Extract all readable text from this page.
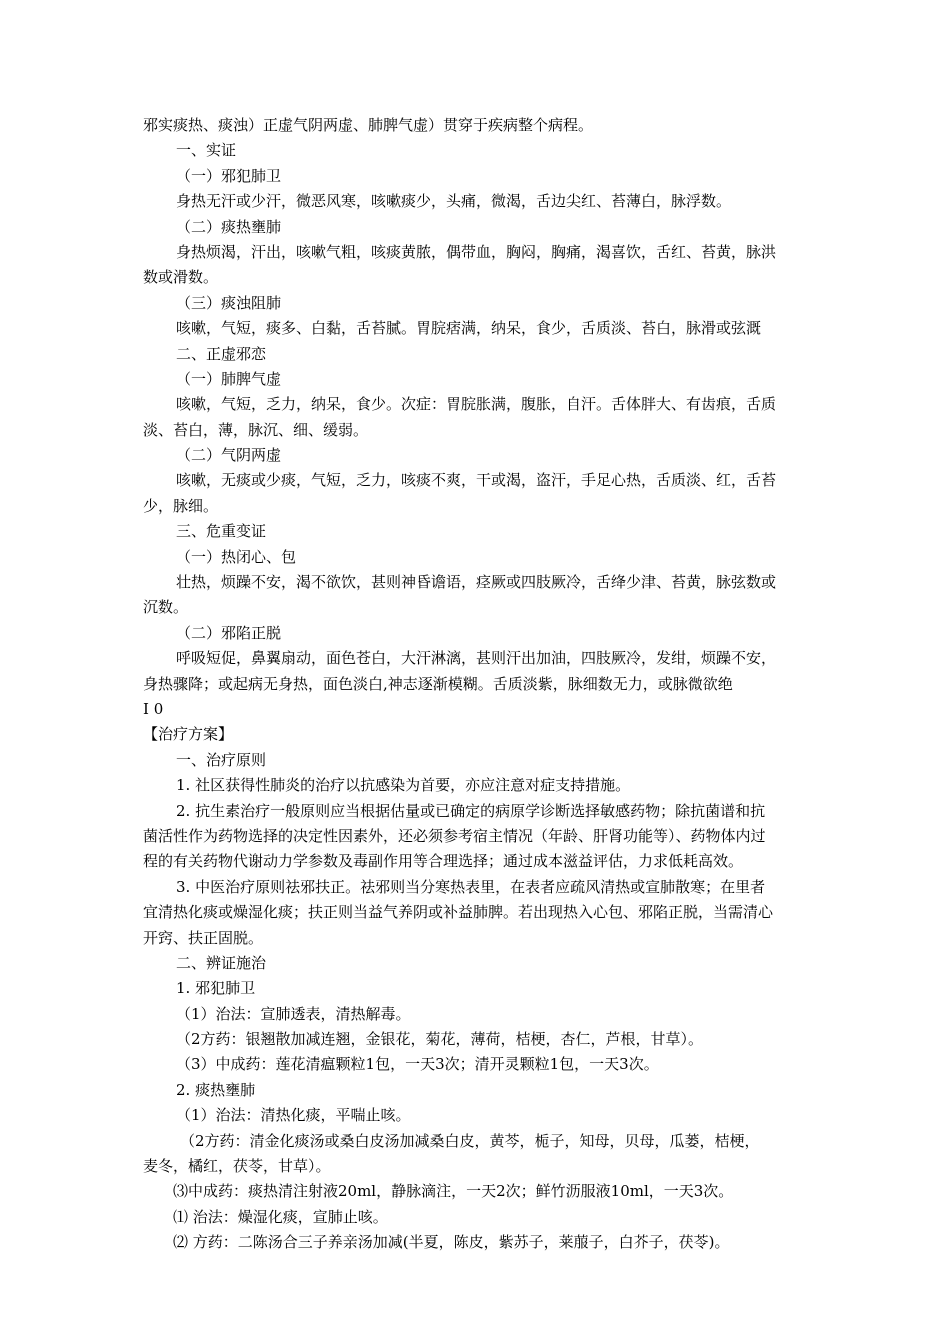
邪实痰热、痰浊）正虚气阴两虚、肺脾气虚）贯穿于疾病整个病程。
一、实证
（一）邪犯肺卫
身热无汗或少汗，微恶风寒，咳嗽痰少，头痛，微渴，舌边尖红、苔薄白，脉浮数。
（二）痰热壅肺
身热烦渴，汗出，咳嗽气粗，咳痰黄脓，偶带血，胸闷，胸痛，渴喜饮，舌红、苔黄，脉洪
数或滑数。
（三）痰浊阻肺
咳嗽，气短，痰多、白黏，舌苔腻。胃脘痞满，纳呆，食少，舌质淡、苔白，脉滑或弦溉
二、正虚邪恋
（一）肺脾气虚
咳嗽，气短，乏力，纳呆，食少。次症：胃脘胀满，腹胀，自汗。舌体胖大、有齿痕，舌质
淡、苔白，薄，脉沉、细、缓弱。
（二）气阴两虚
咳嗽，无痰或少痰，气短，乏力，咳痰不爽，干或渴，盗汗，手足心热，舌质淡、红，舌苔
少，脉细。
三、危重变证
（一）热闭心、包
壮热，烦躁不安，渴不欲饮，甚则神昏谵语，痉厥或四肢厥冷，舌绛少津、苔黄，脉弦数或
沉数。
（二）邪陷正脱
呼吸短促，鼻翼扇动，面色苍白，大汗淋漓，甚则汗出加油，四肢厥冷，发绀，烦躁不安，
身热骤降；或起病无身热，面色淡白,神志逐渐模糊。舌质淡紫，脉细数无力，或脉微欲绝
I 0
【治疗方案】
一、治疗原则
1. 社区获得性肺炎的治疗以抗感染为首要，亦应注意对症支持措施。
2. 抗生素治疗一般原则应当根据估量或已确定的病原学诊断选择敏感药物；除抗菌谱和抗
菌活性作为药物选择的决定性因素外，还必须参考宿主情况（年龄、肝肾功能等）、药物体内过
程的有关药物代谢动力学参数及毒副作用等合理选择；通过成本滋益评估，力求低耗高效。
3. 中医治疗原则祛邪扶正。祛邪则当分寒热表里，在表者应疏风清热或宣肺散寒；在里者
宜清热化痰或燥湿化痰；扶正则当益气养阴或补益肺脾。若出现热入心包、邪陷正脱，当需清心
开窍、扶正固脱。
二、辨证施治
1. 邪犯肺卫
（1）治法：宣肺透表，清热解毒。
（2方药：银翘散加减连翘，金银花，菊花，薄荷，桔梗，杏仁，芦根，甘草）。
（3）中成药：莲花清瘟颗粒1包，一天3次；清开灵颗粒1包，一天3次。
2. 痰热壅肺
（1）治法：清热化痰，平喘止咳。
（2方药：清金化痰汤或桑白皮汤加减桑白皮，黄芩，栀子，知母，贝母，瓜蒌，桔梗，
麦冬，橘红，茯苓，甘草）。
⑶中成药：痰热清注射液20ml，静脉滴注，一天2次；鲜竹沥服液10ml，一天3次。
⑴ 治法：燥湿化痰，宣肺止咳。
⑵ 方药：二陈汤合三子养亲汤加减(半夏，陈皮，紫苏子，莱菔子，白芥子，茯苓)。
